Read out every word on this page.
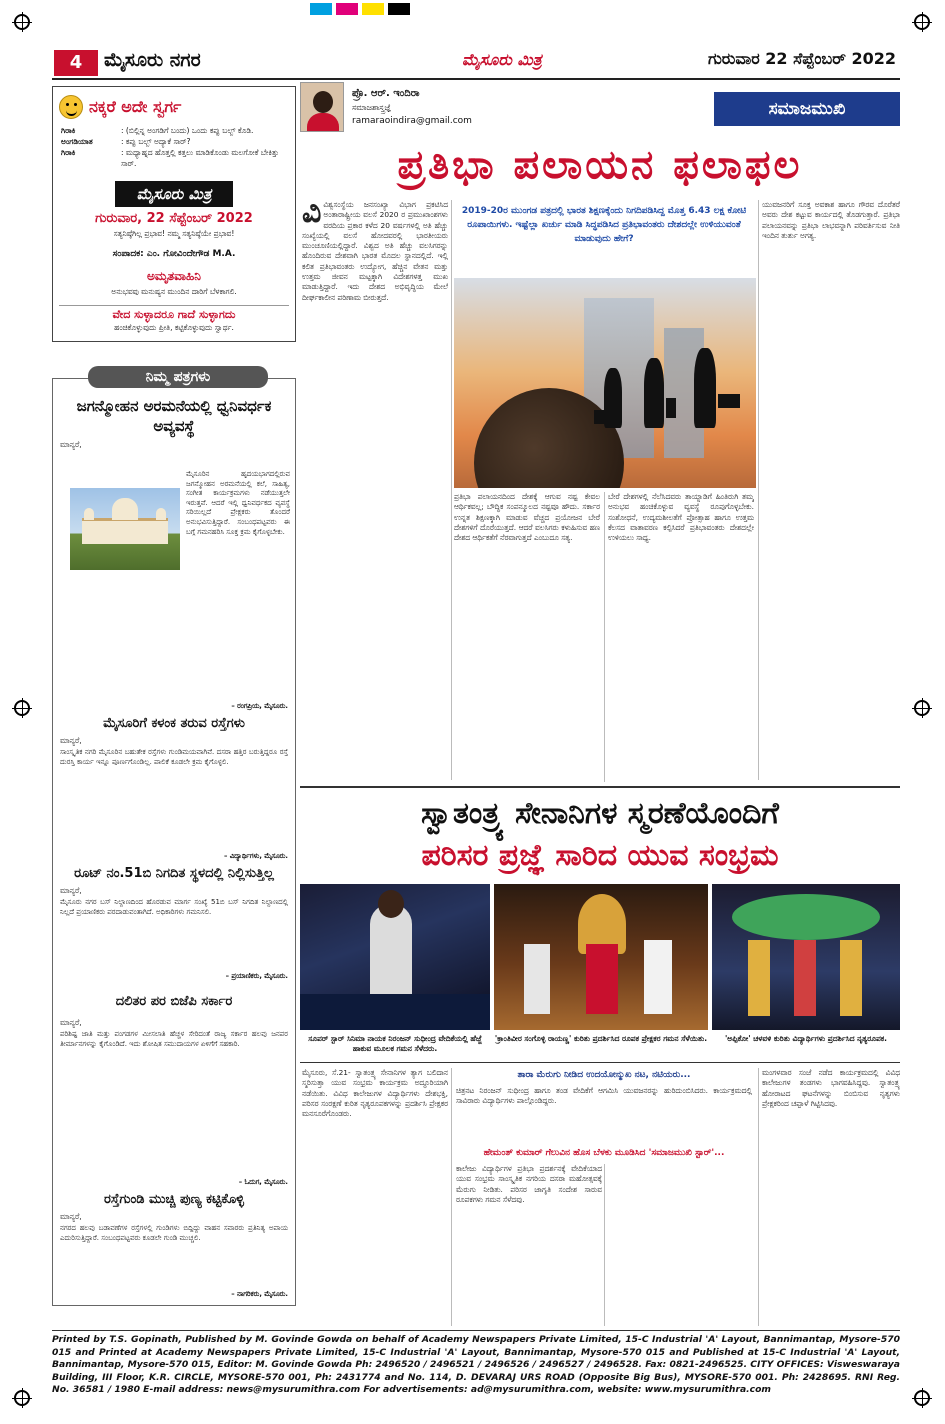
4	ಮೈಸೂರು ನಗರ	ಮೈಸೂರು ಮಿತ್ರ	ಗುರುವಾರ 22 ಸೆಪ್ಟೆಂಬರ್ 2022
ನಕ್ಕರೆ ಅದೇ ಸ್ವರ್ಗ
ಗಿರಾಕಿ	: (ಬಿಲ್ಲಿನ್ನ ಅಂಗಡಿಗೆ ಬಂದು) ಒಂದು ಕಪ್ಪು ಬಲ್ಬ್ ಕೊಡಿ.
ಅಂಗಡಿಯಾತ	: ಕಪ್ಪು ಬಲ್ಬ್ ಅದ್ಯಾಕೆ ಸಾರ್?
ಗಿರಾಕಿ	: ಮಧ್ಯಾಹ್ನದ ಹೊತ್ತಲ್ಲಿ ಕತ್ತಲು ಮಾಡಿಕೊಂಡು ಮಲಗೋಕೆ ಬೇಕಿತ್ತು ಸಾರ್.
ಮೈಸೂರು ಮಿತ್ರ
ಗುರುವಾರ, 22 ಸೆಪ್ಟೆಂಬರ್ 2022
ಸತ್ಯನಿಷ್ಠೆಗಿಲ್ಲ ಪ್ರಭಾವ! ನಮ್ಮ ಸತ್ಯನಿಷ್ಠೆಯೇ ಪ್ರಭಾವ!
ಸಂಪಾದಕ: ಎಂ. ಗೋವಿಂದೇಗೌಡ M.A.
ಅಮೃತವಾಹಿನಿ
ಅನುಭವವು ಮನುಷ್ಯನ ಮುಂದಿನ ದಾರಿಗೆ ಬೆಳಕಾಗಲಿ.
ವೇದ ಸುಳ್ಳಾದರೂ ಗಾದೆ ಸುಳ್ಳಾಗದು
ಹಂಚಿಕೊಳ್ಳುವುದು ಪ್ರೀತಿ, ಕಟ್ಟಿಕೊಳ್ಳುವುದು ಸ್ವಾರ್ಥ.
ನಿಮ್ಮ ಪತ್ರಗಳು
ಜಗನ್ಮೋಹನ ಅರಮನೆಯಲ್ಲಿ ಧ್ವನಿವರ್ಧಕ ಅವ್ಯವಸ್ಥೆ
ಮಾನ್ಯರೆ,
ಮೈಸೂರಿನ ಹೃದಯಭಾಗದಲ್ಲಿರುವ ಜಗನ್ಮೋಹನ ಅರಮನೆಯಲ್ಲಿ ಕಲೆ, ಸಾಹಿತ್ಯ, ಸಂಗೀತ ಕಾರ್ಯಕ್ರಮಗಳು ನಡೆಯುತ್ತಲೇ ಇರುತ್ತವೆ. ಆದರೆ ಇಲ್ಲಿ ಧ್ವನಿವರ್ಧಕದ ವ್ಯವಸ್ಥೆ ಸರಿಯಿಲ್ಲದೆ ಪ್ರೇಕ್ಷಕರು ತೊಂದರೆ ಅನುಭವಿಸುತ್ತಿದ್ದಾರೆ. ಸಂಬಂಧಪಟ್ಟವರು ಈ ಬಗ್ಗೆ ಗಮನಹರಿಸಿ ಸೂಕ್ತ ಕ್ರಮ ಕೈಗೊಳ್ಳಬೇಕು.
– ರಂಗಪ್ರಿಯ, ಮೈಸೂರು.
ಮೈಸೂರಿಗೆ ಕಳಂಕ ತರುವ ರಸ್ತೆಗಳು
ಮಾನ್ಯರೆ,
ಸಾಂಸ್ಕೃತಿಕ ನಗರಿ ಮೈಸೂರಿನ ಬಹುತೇಕ ರಸ್ತೆಗಳು ಗುಂಡಿಮಯವಾಗಿವೆ. ದಸರಾ ಹತ್ತಿರ ಬರುತ್ತಿದ್ದರೂ ರಸ್ತೆ ದುರಸ್ತಿ ಕಾರ್ಯ ಇನ್ನೂ ಪೂರ್ಣಗೊಂಡಿಲ್ಲ. ಪಾಲಿಕೆ ಕೂಡಲೇ ಕ್ರಮ ಕೈಗೊಳ್ಳಲಿ.
– ವಿದ್ಯಾರ್ಥಿಗಳು, ಮೈಸೂರು.
ರೂಟ್ ನಂ.51ಬಿ ನಿಗದಿತ ಸ್ಥಳದಲ್ಲಿ ನಿಲ್ಲಿಸುತ್ತಿಲ್ಲ
ಮಾನ್ಯರೆ,
ಮೈಸೂರು ನಗರ ಬಸ್ ನಿಲ್ದಾಣದಿಂದ ಹೊರಡುವ ಮಾರ್ಗ ಸಂಖ್ಯೆ 51ಬಿ ಬಸ್ ನಿಗದಿತ ನಿಲ್ದಾಣದಲ್ಲಿ ನಿಲ್ಲದೆ ಪ್ರಯಾಣಿಕರು ಪರದಾಡುವಂತಾಗಿದೆ. ಅಧಿಕಾರಿಗಳು ಗಮನಿಸಲಿ.
– ಪ್ರಯಾಣಿಕರು, ಮೈಸೂರು.
ದಲಿತರ ಪರ ಬಿಜೆಪಿ ಸರ್ಕಾರ
ಮಾನ್ಯರೆ,
ಪರಿಶಿಷ್ಟ ಜಾತಿ ಮತ್ತು ಪಂಗಡಗಳ ಮೀಸಲಾತಿ ಹೆಚ್ಚಳ ಸೇರಿದಂತೆ ರಾಜ್ಯ ಸರ್ಕಾರ ಹಲವು ಜನಪರ ತೀರ್ಮಾನಗಳನ್ನು ಕೈಗೊಂಡಿದೆ. ಇದು ಶೋಷಿತ ಸಮುದಾಯಗಳ ಏಳಿಗೆಗೆ ಸಹಕಾರಿ.
– ಓದುಗ, ಮೈಸೂರು.
ರಸ್ತೆಗುಂಡಿ ಮುಚ್ಚಿ ಪುಣ್ಯ ಕಟ್ಟಿಕೊಳ್ಳಿ
ಮಾನ್ಯರೆ,
ನಗರದ ಹಲವು ಬಡಾವಣೆಗಳ ರಸ್ತೆಗಳಲ್ಲಿ ಗುಂಡಿಗಳು ಬಿದ್ದಿದ್ದು ವಾಹನ ಸವಾರರು ಪ್ರತಿನಿತ್ಯ ಅಪಾಯ ಎದುರಿಸುತ್ತಿದ್ದಾರೆ. ಸಂಬಂಧಪಟ್ಟವರು ಕೂಡಲೇ ಗುಂಡಿ ಮುಚ್ಚಲಿ.
– ನಾಗರಿಕರು, ಮೈಸೂರು.
ಪ್ರೊ. ಆರ್. ಇಂದಿರಾ
ಸಮಾಜಶಾಸ್ತ್ರಜ್ಞೆ
ramaraoindira@gmail.com
ಸಮಾಜಮುಖಿ
ಪ್ರತಿಭಾ ಪಲಾಯನ ಫಲಾಫಲ
ವಿವಿಶ್ವಸಂಸ್ಥೆಯ ಜನಸಂಖ್ಯಾ ವಿಭಾಗ ಪ್ರಕಟಿಸಿದ ಅಂತಾರಾಷ್ಟ್ರೀಯ ವಲಸೆ 2020 ರ ಪ್ರಮುಖಾಂಶಗಳು ವರದಿಯ ಪ್ರಕಾರ ಕಳೆದ 20 ವರ್ಷಗಳಲ್ಲಿ ಅತಿ ಹೆಚ್ಚು ಸಂಖ್ಯೆಯಲ್ಲಿ ವಲಸೆ ಹೋದವರಲ್ಲಿ ಭಾರತೀಯರು ಮುಂಚೂಣಿಯಲ್ಲಿದ್ದಾರೆ. ವಿಶ್ವದ ಅತಿ ಹೆಚ್ಚು ವಲಸಿಗರನ್ನು ಹೊಂದಿರುವ ದೇಶವಾಗಿ ಭಾರತ ಮೊದಲ ಸ್ಥಾನದಲ್ಲಿದೆ. ಇಲ್ಲಿ ಕಲಿತ ಪ್ರತಿಭಾವಂತರು ಉದ್ಯೋಗ, ಹೆಚ್ಚಿನ ವೇತನ ಮತ್ತು ಉತ್ತಮ ಜೀವನ ಮಟ್ಟಕ್ಕಾಗಿ ವಿದೇಶಗಳತ್ತ ಮುಖ ಮಾಡುತ್ತಿದ್ದಾರೆ. ಇದು ದೇಶದ ಅಭಿವೃದ್ಧಿಯ ಮೇಲೆ ದೀರ್ಘಕಾಲೀನ ಪರಿಣಾಮ ಬೀರುತ್ತದೆ.
2019-20ರ ಮುಂಗಡ ಪತ್ರದಲ್ಲಿ ಭಾರತ ಶಿಕ್ಷಣಕ್ಕೆಂದು ನಿಗದಿಪಡಿಸಿದ್ದ ಮೊತ್ತ 6.43 ಲಕ್ಷ ಕೋಟಿ ರೂಪಾಯಿಗಳು. ಇಷ್ಟೆಲ್ಲಾ ಖರ್ಚು ಮಾಡಿ ಸಿದ್ಧಪಡಿಸಿದ ಪ್ರತಿಭಾವಂತರು ದೇಶದಲ್ಲೇ ಉಳಿಯುವಂತೆ ಮಾಡುವುದು ಹೇಗೆ?
ಪ್ರತಿಭಾ ಪಲಾಯನದಿಂದ ದೇಶಕ್ಕೆ ಆಗುವ ನಷ್ಟ ಕೇವಲ ಆರ್ಥಿಕವಲ್ಲ; ಬೌದ್ಧಿಕ ಸಂಪನ್ಮೂಲದ ನಷ್ಟವೂ ಹೌದು. ಸರ್ಕಾರ ಉನ್ನತ ಶಿಕ್ಷಣಕ್ಕಾಗಿ ಮಾಡುವ ವೆಚ್ಚದ ಪ್ರಯೋಜನ ಬೇರೆ ದೇಶಗಳಿಗೆ ದೊರೆಯುತ್ತದೆ. ಆದರೆ ವಲಸಿಗರು ಕಳುಹಿಸುವ ಹಣ ದೇಶದ ಆರ್ಥಿಕತೆಗೆ ನೆರವಾಗುತ್ತದೆ ಎಂಬುದೂ ಸತ್ಯ.
ಬೇರೆ ದೇಶಗಳಲ್ಲಿ ನೆಲೆಸಿದವರು ತಾಯ್ನಾಡಿಗೆ ಹಿಂತಿರುಗಿ ತಮ್ಮ ಅನುಭವ ಹಂಚಿಕೊಳ್ಳುವ ವ್ಯವಸ್ಥೆ ರೂಪುಗೊಳ್ಳಬೇಕು. ಸಂಶೋಧನೆ, ಉದ್ಯಮಶೀಲತೆಗೆ ಪ್ರೋತ್ಸಾಹ ಹಾಗೂ ಉತ್ತಮ ಕೆಲಸದ ವಾತಾವರಣ ಕಲ್ಪಿಸಿದರೆ ಪ್ರತಿಭಾವಂತರು ದೇಶದಲ್ಲೇ ಉಳಿಯಲು ಸಾಧ್ಯ.
ಯುವಜನರಿಗೆ ಸೂಕ್ತ ಅವಕಾಶ ಹಾಗೂ ಗೌರವ ದೊರೆತರೆ ಅವರು ದೇಶ ಕಟ್ಟುವ ಕಾರ್ಯದಲ್ಲಿ ತೊಡಗುತ್ತಾರೆ. ಪ್ರತಿಭಾ ಪಲಾಯನವನ್ನು ಪ್ರತಿಭಾ ಲಾಭವನ್ನಾಗಿ ಪರಿವರ್ತಿಸುವ ನೀತಿ ಇಂದಿನ ತುರ್ತು ಅಗತ್ಯ.
ಸ್ವಾತಂತ್ರ್ಯ ಸೇನಾನಿಗಳ ಸ್ಮರಣೆಯೊಂದಿಗೆ
ಪರಿಸರ ಪ್ರಜ್ಞೆ ಸಾರಿದ ಯುವ ಸಂಭ್ರಮ
ಸೂಪರ್ ಸ್ಟಾರ್ ಸಿನಿಮಾ ನಾಯಕ ನಿರಂಜನ್ ಸುಧೀಂದ್ರ ವೇದಿಕೆಯಲ್ಲಿ ಹೆಜ್ಜೆ ಹಾಕುವ ಮೂಲಕ ಗಮನ ಸೆಳೆದರು.
'ಕ್ರಾಂತಿವೀರ ಸಂಗೊಳ್ಳಿ ರಾಯಣ್ಣ' ಕುರಿತು ಪ್ರದರ್ಶಿಸಿದ ರೂಪಕ ಪ್ರೇಕ್ಷಕರ ಗಮನ ಸೆಳೆಯಿತು.	'ಅಪ್ಪಿಕೋ' ಚಳವಳಿ ಕುರಿತು ವಿದ್ಯಾರ್ಥಿಗಳು ಪ್ರದರ್ಶಿಸಿದ ನೃತ್ಯರೂಪಕ.
ಮೈಸೂರು, ಸೆ.21- ಸ್ವಾತಂತ್ರ್ಯ ಸೇನಾನಿಗಳ ತ್ಯಾಗ ಬಲಿದಾನ ಸ್ಮರಿಸುತ್ತಾ ಯುವ ಸಂಭ್ರಮ ಕಾರ್ಯಕ್ರಮ ಅದ್ಧೂರಿಯಾಗಿ ನಡೆಯಿತು. ವಿವಿಧ ಕಾಲೇಜುಗಳ ವಿದ್ಯಾರ್ಥಿಗಳು ದೇಶಭಕ್ತಿ, ಪರಿಸರ ಸಂರಕ್ಷಣೆ ಕುರಿತ ನೃತ್ಯರೂಪಕಗಳನ್ನು ಪ್ರದರ್ಶಿಸಿ ಪ್ರೇಕ್ಷಕರ ಮನಸೂರೆಗೊಂಡರು.
ತಾರಾ ಮೆರುಗು ನೀಡಿದ ಉದಯೋನ್ಮುಖ ನಟ, ನಟಿಯರು...
ಚಿತ್ರನಟ ನಿರಂಜನ್ ಸುಧೀಂದ್ರ ಹಾಗೂ ತಂಡ ವೇದಿಕೆಗೆ ಆಗಮಿಸಿ ಯುವಜನರನ್ನು ಹುರಿದುಂಬಿಸಿದರು. ಕಾರ್ಯಕ್ರಮದಲ್ಲಿ ಸಾವಿರಾರು ವಿದ್ಯಾರ್ಥಿಗಳು ಪಾಲ್ಗೊಂಡಿದ್ದರು.
ಹೇಮಂತ್ ಕುಮಾರ್ ಗೆಲುವಿನ ಹೊಸ ಬೆಳಕು ಮೂಡಿಸಿದ 'ಸಮಾಜಮುಖಿ ಸ್ಟಾರ್'...
ಕಾಲೇಜು ವಿದ್ಯಾರ್ಥಿಗಳ ಪ್ರತಿಭಾ ಪ್ರದರ್ಶನಕ್ಕೆ ವೇದಿಕೆಯಾದ ಯುವ ಸಂಭ್ರಮ ಸಾಂಸ್ಕೃತಿಕ ನಗರಿಯ ದಸರಾ ಮಹೋತ್ಸವಕ್ಕೆ ಮೆರುಗು ನೀಡಿತು. ಪರಿಸರ ಜಾಗೃತಿ ಸಂದೇಶ ಸಾರುವ ರೂಪಕಗಳು ಗಮನ ಸೆಳೆದವು.
ಮಂಗಳವಾರ ಸಂಜೆ ನಡೆದ ಕಾರ್ಯಕ್ರಮದಲ್ಲಿ ವಿವಿಧ ಕಾಲೇಜುಗಳ ತಂಡಗಳು ಭಾಗವಹಿಸಿದ್ದವು. ಸ್ವಾತಂತ್ರ್ಯ ಹೋರಾಟದ ಘಟನೆಗಳನ್ನು ಬಿಂಬಿಸುವ ನೃತ್ಯಗಳು ಪ್ರೇಕ್ಷಕರಿಂದ ಚಪ್ಪಾಳೆ ಗಿಟ್ಟಿಸಿದವು.
Printed by T.S. Gopinath, Published by M. Govinde Gowda on behalf of Academy Newspapers Private Limited, 15-C Industrial 'A' Layout, Bannimantap, Mysore-570 015 and Printed at Academy Newspapers Private Limited, 15-C Industrial 'A' Layout, Bannimantap, Mysore-570 015 and Published at 15-C Industrial 'A' Layout, Bannimantap, Mysore-570 015, Editor: M. Govinde Gowda Ph: 2496520 / 2496521 / 2496526 / 2496527 / 2496528. Fax: 0821-2496525. CITY OFFICES: Visweswaraya Building, III Floor, K.R. CIRCLE, MYSORE-570 001, Ph: 2431774 and No. 114, D. DEVARAJ URS ROAD (Opposite Big Bus), MYSORE-570 001. Ph: 2428695. RNI Reg. No. 36581 / 1980 E-mail address: news@mysurumithra.com For advertisements: ad@mysurumithra.com, website: www.mysurumithra.com
